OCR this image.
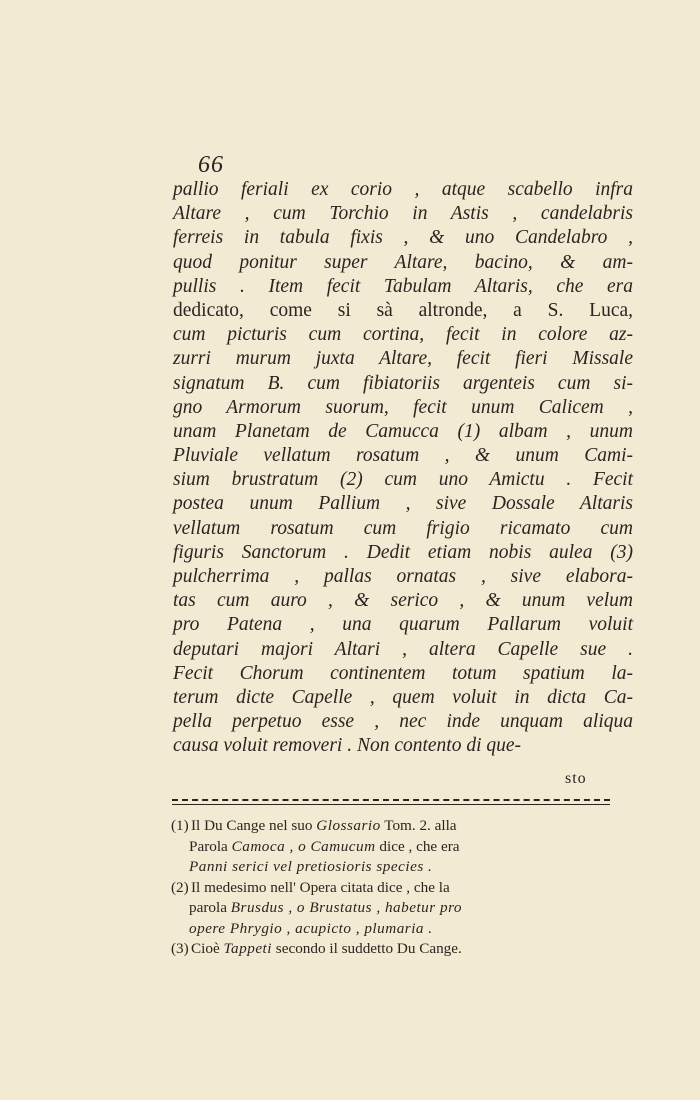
66
pallio feriali ex corio , atque scabello infra
Altare , cum Torchio in Astis , candelabris
ferreis in tabula fixis , & uno Candelabro ,
quod ponitur super Altare, bacino, & am-
pullis . Item fecit Tabulam Altaris, che era
dedicato, come si sà altronde, a S. Luca,
cum picturis cum cortina, fecit in colore az-
zurri murum juxta Altare, fecit fieri Missale
signatum B. cum fibiatoriis argenteis cum si-
gno Armorum suorum, fecit unum Calicem ,
unam Planetam de Camucca (1) albam , unum
Pluviale vellatum rosatum , & unum Cami-
sium brustratum (2) cum uno Amictu . Fecit
postea unum Pallium , sive Dossale Altaris
vellatum rosatum cum frigio ricamato cum
figuris Sanctorum . Dedit etiam nobis aulea (3)
pulcherrima , pallas ornatas , sive elabora-
tas cum auro , & serico , & unum velum
pro Patena , una quarum Pallarum voluit
deputari majori Altari , altera Capelle sue .
Fecit Chorum continentem totum spatium la-
terum dicte Capelle , quem voluit in dicta Ca-
pella perpetuo esse , nec inde unquam aliqua
causa voluit removeri . Non contento di que-
sto
(1) Il Du Cange nel suo Glossario Tom. 2. alla
Parola Camoca , o Camucum dice , che era
Panni serici vel pretiosioris species .
(2) Il medesimo nell' Opera citata dice , che la
parola Brusdus , o Brustatus , habetur pro
opere Phrygio , acupicto , plumaria .
(3) Cioè Tappeti secondo il suddetto Du Cange.
